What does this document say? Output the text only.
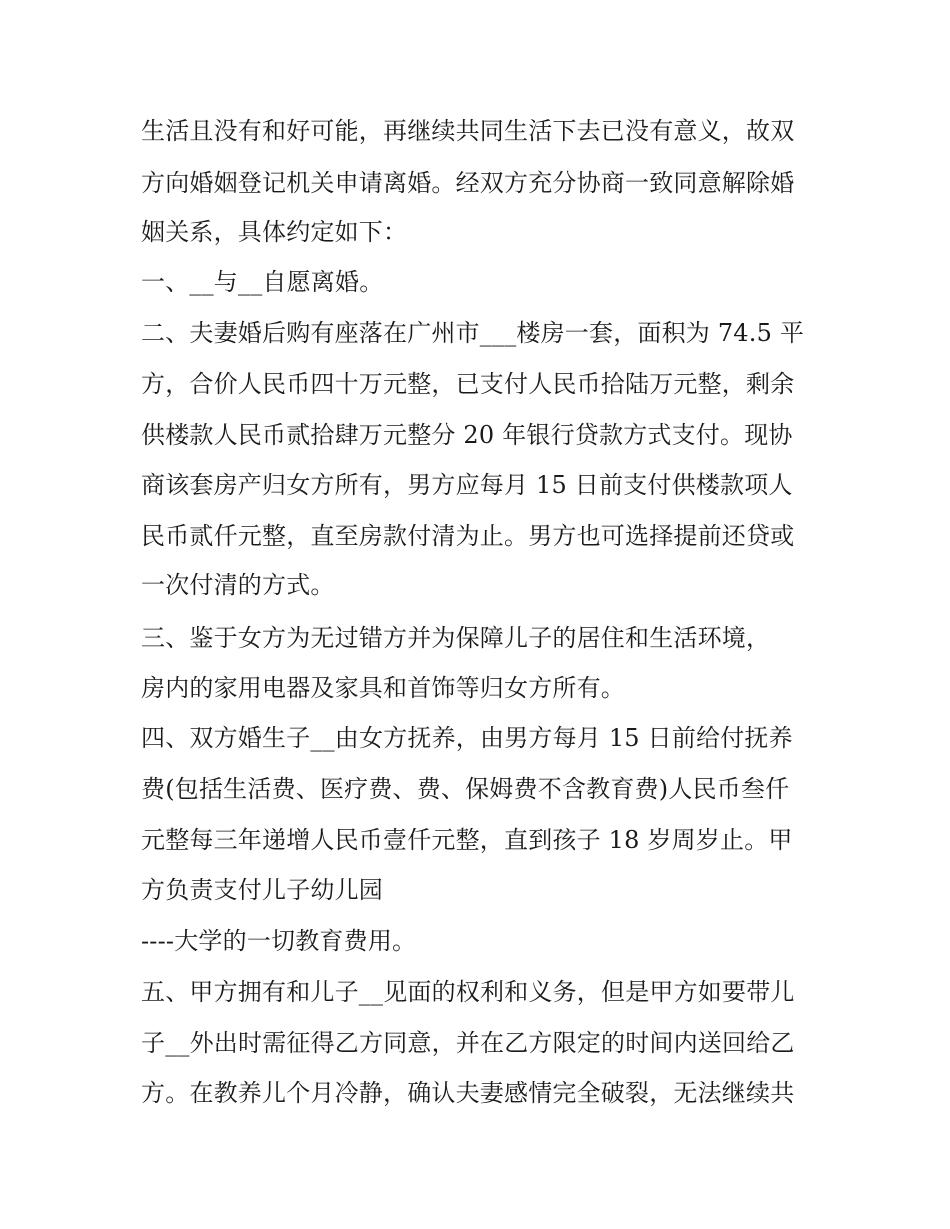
生活且没有和好可能，再继续共同生活下去已没有意义，故双
方向婚姻登记机关申请离婚。经双方充分协商一致同意解除婚
姻关系，具体约定如下：
一、__与__自愿离婚。
二、夫妻婚后购有座落在广州市___楼房一套，面积为 74.5 平
方，合价人民币四十万元整，已支付人民币拾陆万元整，剩余
供楼款人民币贰拾肆万元整分 20 年银行贷款方式支付。现协
商该套房产归女方所有，男方应每月 15 日前支付供楼款项人
民币贰仟元整，直至房款付清为止。男方也可选择提前还贷或
一次付清的方式。
三、鉴于女方为无过错方并为保障儿子的居住和生活环境，
房内的家用电器及家具和首饰等归女方所有。
四、双方婚生子__由女方抚养，由男方每月 15 日前给付抚养
费(包括生活费、医疗费、费、保姆费不含教育费)人民币叁仟
元整每三年递增人民币壹仟元整，直到孩子 18 岁周岁止。甲
方负责支付儿子幼儿园
----大学的一切教育费用。
五、甲方拥有和儿子__见面的权利和义务，但是甲方如要带儿
子__外出时需征得乙方同意，并在乙方限定的时间内送回给乙
方。在教养儿个月冷静，确认夫妻感情完全破裂，无法继续共
